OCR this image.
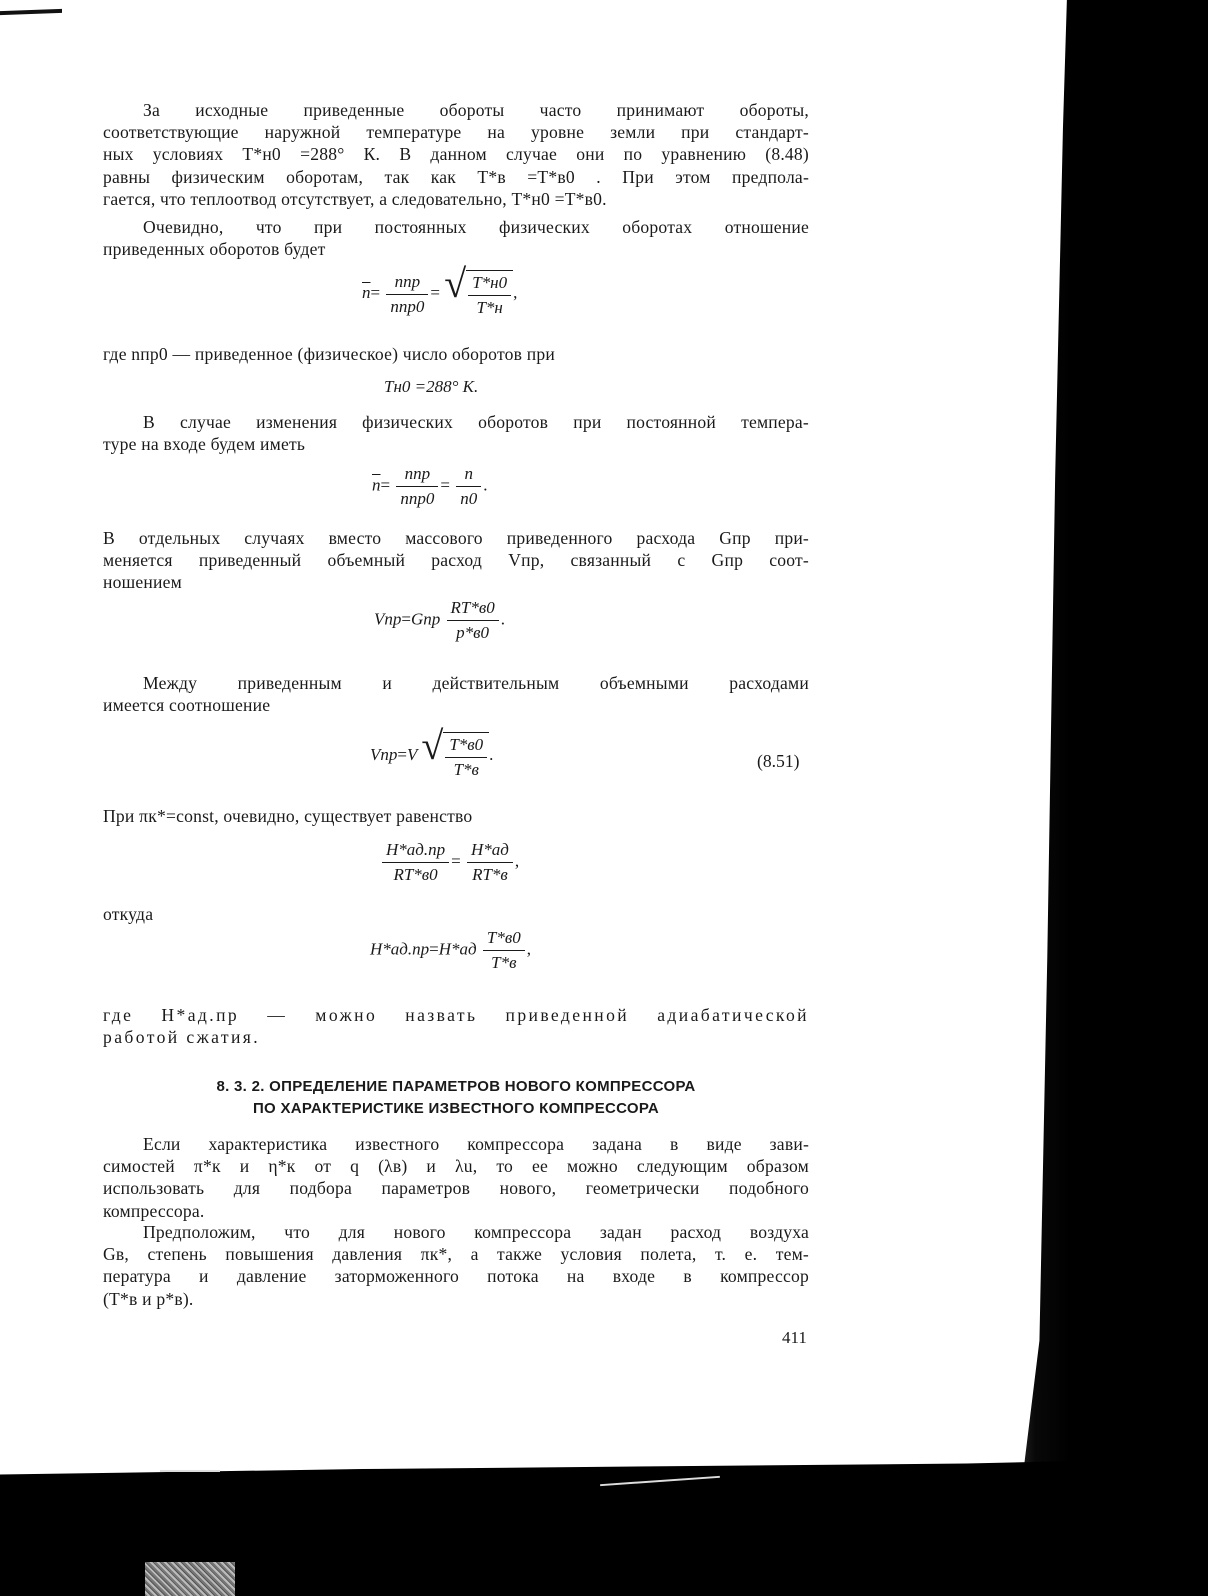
За исходные приведенные обороты часто принимают обороты,
соответствующие наружной температуре на уровне земли при стандарт-
ных условиях T*н0 =288° К. В данном случае они по уравнению (8.48)
равны физическим оборотам, так как T*в =T*в0 . При этом предпола-
гается, что теплоотвод отсутствует, а следовательно, T*н0 =T*в0.
Очевидно, что при постоянных физических оборотах отношение
приведенных оборотов будет
$\overline{n}= \frac{\text{nпр}}{\text{nпр0}}$ = √ $\frac{T*н0}{T*н}$ ,
где nпр0 — приведенное (физическое) число оборотов при
Tн0 =288° К.
В случае изменения физических оборотов при постоянной темпера-
туре на входе будем иметь
$\overline{n}= \frac{\text{nпр}}{\text{nпр0}} = \frac{n}{n0}$ .
В отдельных случаях вместо массового приведенного расхода Gпр при-
меняется приведенный объемный расход Vпр, связанный с Gпр соот-
ношением
$Vпр=Gпр \frac{RT*в0}{p*в0}$ .
Между приведенным и действительным объемными расходами
имеется соотношение
Vпр=V √ $\frac{T*в0}{T*в}$ .	(8.51)
При πк*=const, очевидно, существует равенство
$\frac{H*ад.пр}{RT*в0} = \frac{H*ад}{RT*в}$ ,
откуда
$H*ад.пр=H*ад \frac{T*в0}{T*в}$ ,
где H*ад.пр — можно назвать приведенной адиабатической
работой сжатия.
8. 3. 2. ОПРЕДЕЛЕНИЕ ПАРАМЕТРОВ НОВОГО КОМПРЕССОРА
ПО ХАРАКТЕРИСТИКЕ ИЗВЕСТНОГО КОМПРЕССОРА
Если характеристика известного компрессора задана в виде зави-
симостей π*к и η*к от q (λв) и λu, то ее можно следующим образом
использовать для подбора параметров нового, геометрически подобного
компрессора.
Предположим, что для нового компрессора задан расход воздуха
Gв, степень повышения давления πк*, а также условия полета, т. е. тем-
пература и давление заторможенного потока на входе в компрессор
(T*в и p*в).
411
